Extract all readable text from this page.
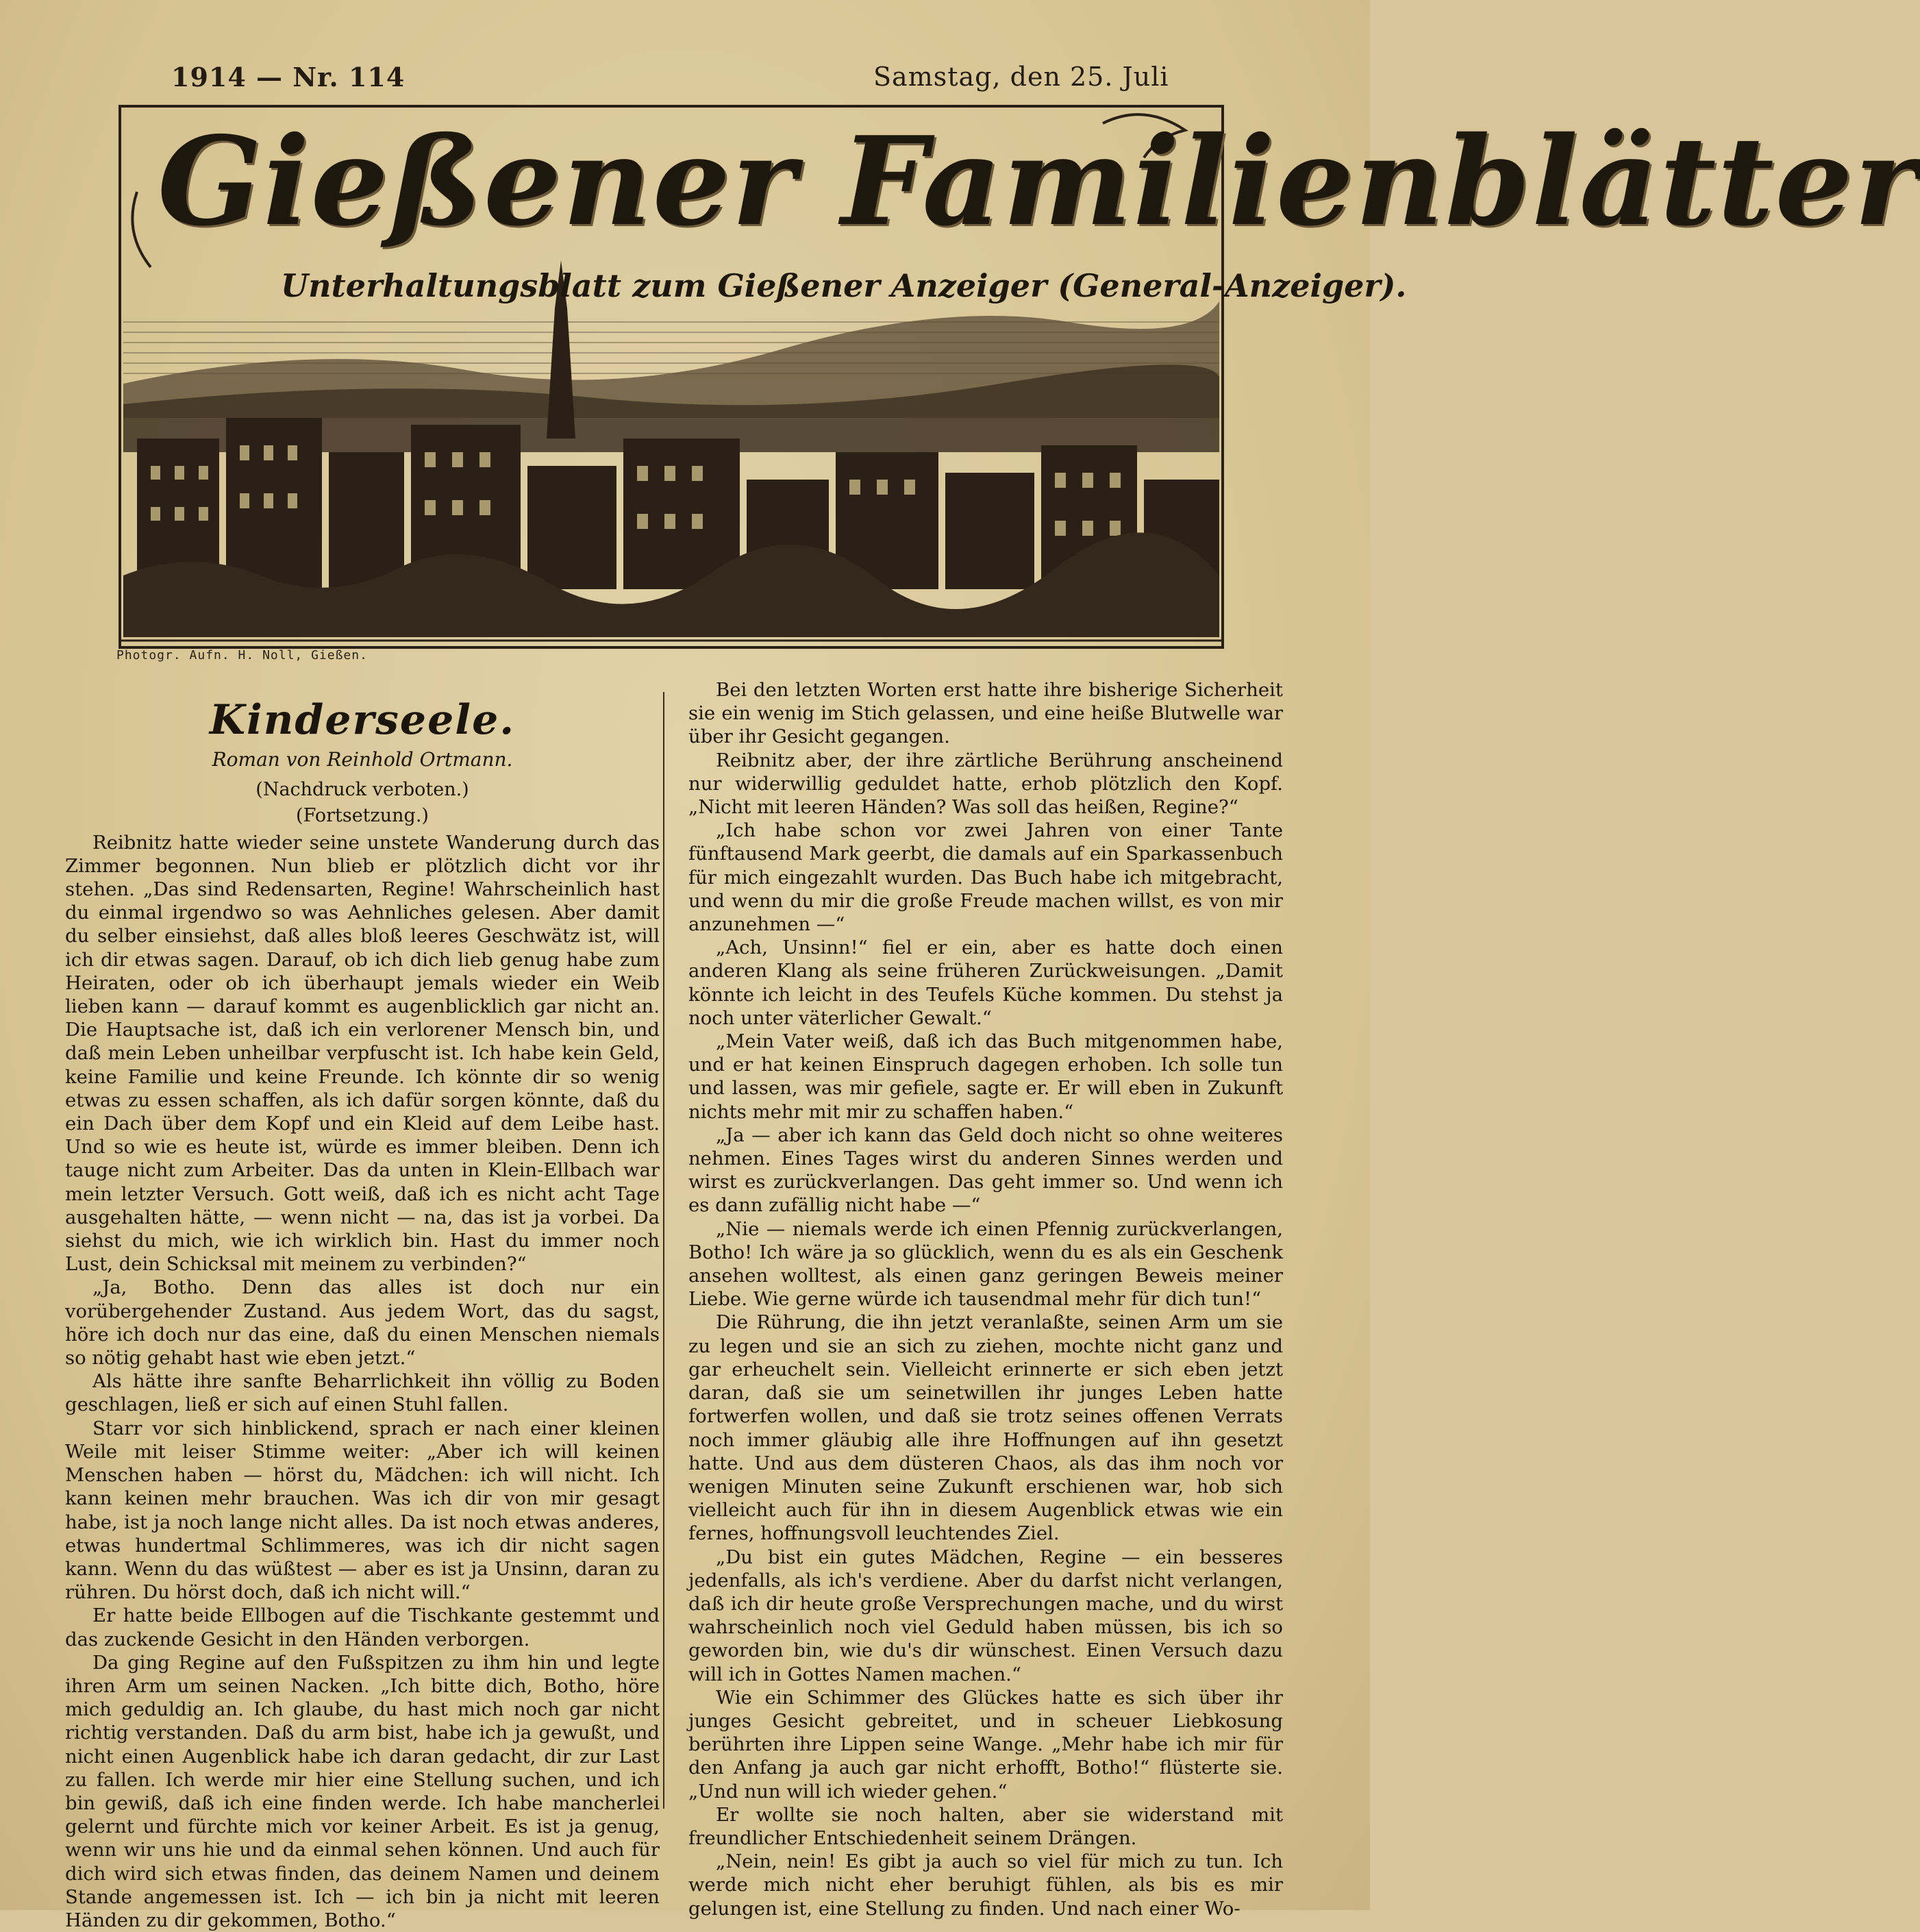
1914 — Nr. 114	Samstag, den 25. Juli
Gießener Familienblätter
Unterhaltungsblatt zum Gießener Anzeiger (General-Anzeiger).
Photogr. Aufn. H. Noll, Gießen.
Kinderseele.
Roman von Reinhold Ortmann.
(Nachdruck verboten.)
(Fortsetzung.)

Reibnitz hatte wieder seine unstete Wanderung durch das Zimmer begonnen. Nun blieb er plötzlich dicht vor ihr stehen. „Das sind Redensarten, Regine! Wahrscheinlich hast du einmal irgendwo so was Aehnliches gelesen. Aber damit du selber einsiehst, daß alles bloß leeres Geschwätz ist, will ich dir etwas sagen. Darauf, ob ich dich lieb genug habe zum Heiraten, oder ob ich überhaupt jemals wieder ein Weib lieben kann — darauf kommt es augenblicklich gar nicht an. Die Hauptsache ist, daß ich ein verlorener Mensch bin, und daß mein Leben unheilbar verpfuscht ist. Ich habe kein Geld, keine Familie und keine Freunde. Ich könnte dir so wenig etwas zu essen schaffen, als ich dafür sorgen könnte, daß du ein Dach über dem Kopf und ein Kleid auf dem Leibe hast. Und so wie es heute ist, würde es immer bleiben. Denn ich tauge nicht zum Arbeiter. Das da unten in Klein-Ellbach war mein letzter Versuch. Gott weiß, daß ich es nicht acht Tage ausgehalten hätte, — wenn nicht — na, das ist ja vorbei. Da siehst du mich, wie ich wirklich bin. Hast du immer noch Lust, dein Schicksal mit meinem zu verbinden?“

„Ja, Botho. Denn das alles ist doch nur ein vorübergehender Zustand. Aus jedem Wort, das du sagst, höre ich doch nur das eine, daß du einen Menschen niemals so nötig gehabt hast wie eben jetzt.“

Als hätte ihre sanfte Beharrlichkeit ihn völlig zu Boden geschlagen, ließ er sich auf einen Stuhl fallen.

Starr vor sich hinblickend, sprach er nach einer kleinen Weile mit leiser Stimme weiter: „Aber ich will keinen Menschen haben — hörst du, Mädchen: ich will nicht. Ich kann keinen mehr brauchen. Was ich dir von mir gesagt habe, ist ja noch lange nicht alles. Da ist noch etwas anderes, etwas hundertmal Schlimmeres, was ich dir nicht sagen kann. Wenn du das wüßtest — aber es ist ja Unsinn, daran zu rühren. Du hörst doch, daß ich nicht will.“

Er hatte beide Ellbogen auf die Tischkante gestemmt und das zuckende Gesicht in den Händen verborgen.

Da ging Regine auf den Fußspitzen zu ihm hin und legte ihren Arm um seinen Nacken. „Ich bitte dich, Botho, höre mich geduldig an. Ich glaube, du hast mich noch gar nicht richtig verstanden. Daß du arm bist, habe ich ja gewußt, und nicht einen Augenblick habe ich daran gedacht, dir zur Last zu fallen. Ich werde mir hier eine Stellung suchen, und ich bin gewiß, daß ich eine finden werde. Ich habe mancherlei gelernt und fürchte mich vor keiner Arbeit. Es ist ja genug, wenn wir uns hie und da einmal sehen können. Und auch für dich wird sich etwas finden, das deinem Namen und deinem Stande angemessen ist. Ich — ich bin ja nicht mit leeren Händen zu dir gekommen, Botho.“

Bei den letzten Worten erst hatte ihre bisherige Sicherheit sie ein wenig im Stich gelassen, und eine heiße Blutwelle war über ihr Gesicht gegangen.

Reibnitz aber, der ihre zärtliche Berührung anscheinend nur widerwillig geduldet hatte, erhob plötzlich den Kopf. „Nicht mit leeren Händen? Was soll das heißen, Regine?“

„Ich habe schon vor zwei Jahren von einer Tante fünftausend Mark geerbt, die damals auf ein Sparkassenbuch für mich eingezahlt wurden. Das Buch habe ich mitgebracht, und wenn du mir die große Freude machen willst, es von mir anzunehmen —“

„Ach, Unsinn!“ fiel er ein, aber es hatte doch einen anderen Klang als seine früheren Zurückweisungen. „Damit könnte ich leicht in des Teufels Küche kommen. Du stehst ja noch unter väterlicher Gewalt.“

„Mein Vater weiß, daß ich das Buch mitgenommen habe, und er hat keinen Einspruch dagegen erhoben. Ich solle tun und lassen, was mir gefiele, sagte er. Er will eben in Zukunft nichts mehr mit mir zu schaffen haben.“

„Ja — aber ich kann das Geld doch nicht so ohne weiteres nehmen. Eines Tages wirst du anderen Sinnes werden und wirst es zurückverlangen. Das geht immer so. Und wenn ich es dann zufällig nicht habe —“

„Nie — niemals werde ich einen Pfennig zurückverlangen, Botho! Ich wäre ja so glücklich, wenn du es als ein Geschenk ansehen wolltest, als einen ganz geringen Beweis meiner Liebe. Wie gerne würde ich tausendmal mehr für dich tun!“

Die Rührung, die ihn jetzt veranlaßte, seinen Arm um sie zu legen und sie an sich zu ziehen, mochte nicht ganz und gar erheuchelt sein. Vielleicht erinnerte er sich eben jetzt daran, daß sie um seinetwillen ihr junges Leben hatte fortwerfen wollen, und daß sie trotz seines offenen Verrats noch immer gläubig alle ihre Hoffnungen auf ihn gesetzt hatte. Und aus dem düsteren Chaos, als das ihm noch vor wenigen Minuten seine Zukunft erschienen war, hob sich vielleicht auch für ihn in diesem Augenblick etwas wie ein fernes, hoffnungsvoll leuchtendes Ziel.

„Du bist ein gutes Mädchen, Regine — ein besseres jedenfalls, als ich's verdiene. Aber du darfst nicht verlangen, daß ich dir heute große Versprechungen mache, und du wirst wahrscheinlich noch viel Geduld haben müssen, bis ich so geworden bin, wie du's dir wünschest. Einen Versuch dazu will ich in Gottes Namen machen.“

Wie ein Schimmer des Glückes hatte es sich über ihr junges Gesicht gebreitet, und in scheuer Liebkosung berührten ihre Lippen seine Wange. „Mehr habe ich mir für den Anfang ja auch gar nicht erhofft, Botho!“ flüsterte sie. „Und nun will ich wieder gehen.“

Er wollte sie noch halten, aber sie widerstand mit freundlicher Entschiedenheit seinem Drängen.

„Nein, nein! Es gibt ja auch so viel für mich zu tun. Ich werde mich nicht eher beruhigt fühlen, als bis es mir gelungen ist, eine Stellung zu finden. Und nach einer Wo-
